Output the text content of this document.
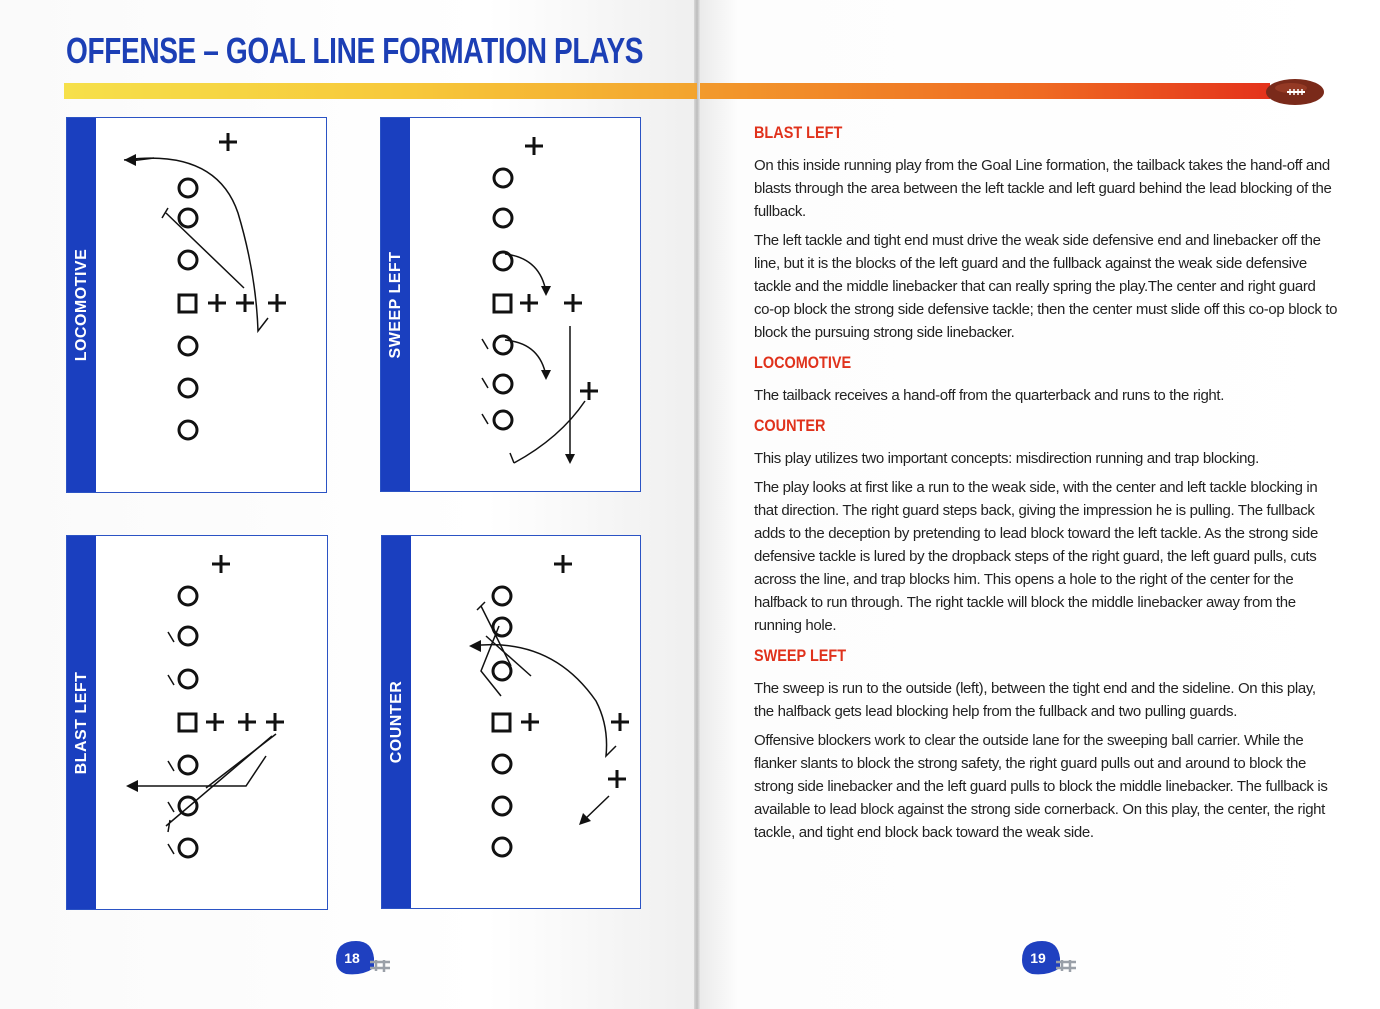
OFFENSE – GOAL LINE FORMATION PLAYS
LOCOMOTIVE	SWEEP LEFT
BLAST LEFT	COUNTER
BLAST LEFT

On this inside running play from the Goal Line formation, the tailback takes the hand-off and blasts through the area between the left tackle and left guard behind the lead blocking of the fullback.

The left tackle and tight end must drive the weak side defensive end and linebacker off the line, but it is the blocks of the left guard and the fullback against the weak side defensive tackle and the middle linebacker that can really spring the play.The center and right guard co-op block the strong side defensive tackle; then the center must slide off this co-op block to block the pursuing strong side linebacker.

LOCOMOTIVE

The tailback receives a hand-off from the quarterback and runs to the right.

COUNTER

This play utilizes two important concepts: misdirection running and trap blocking.

The play looks at first like a run to the weak side, with the center and left tackle blocking in that direction. The right guard steps back, giving the impression he is pulling. The fullback adds to the deception by pretending to lead block toward the left tackle. As the strong side defensive tackle is lured by the dropback steps of the right guard, the left guard pulls, cuts across the line, and trap blocks him. This opens a hole to the right of the center for the halfback to run through. The right tackle will block the middle linebacker away from the running hole.

SWEEP LEFT

The sweep is run to the outside (left), between the tight end and the sideline. On this play, the halfback gets lead blocking help from the fullback and two pulling guards.

Offensive blockers work to clear the outside lane for the sweeping ball carrier. While the flanker slants to block the strong safety, the right guard pulls out and around to block the strong side linebacker and the left guard pulls to block the middle linebacker. The fullback is available to lead block against the strong side cornerback. On this play, the center, the right tackle, and tight end block back toward the weak side.

18	19
